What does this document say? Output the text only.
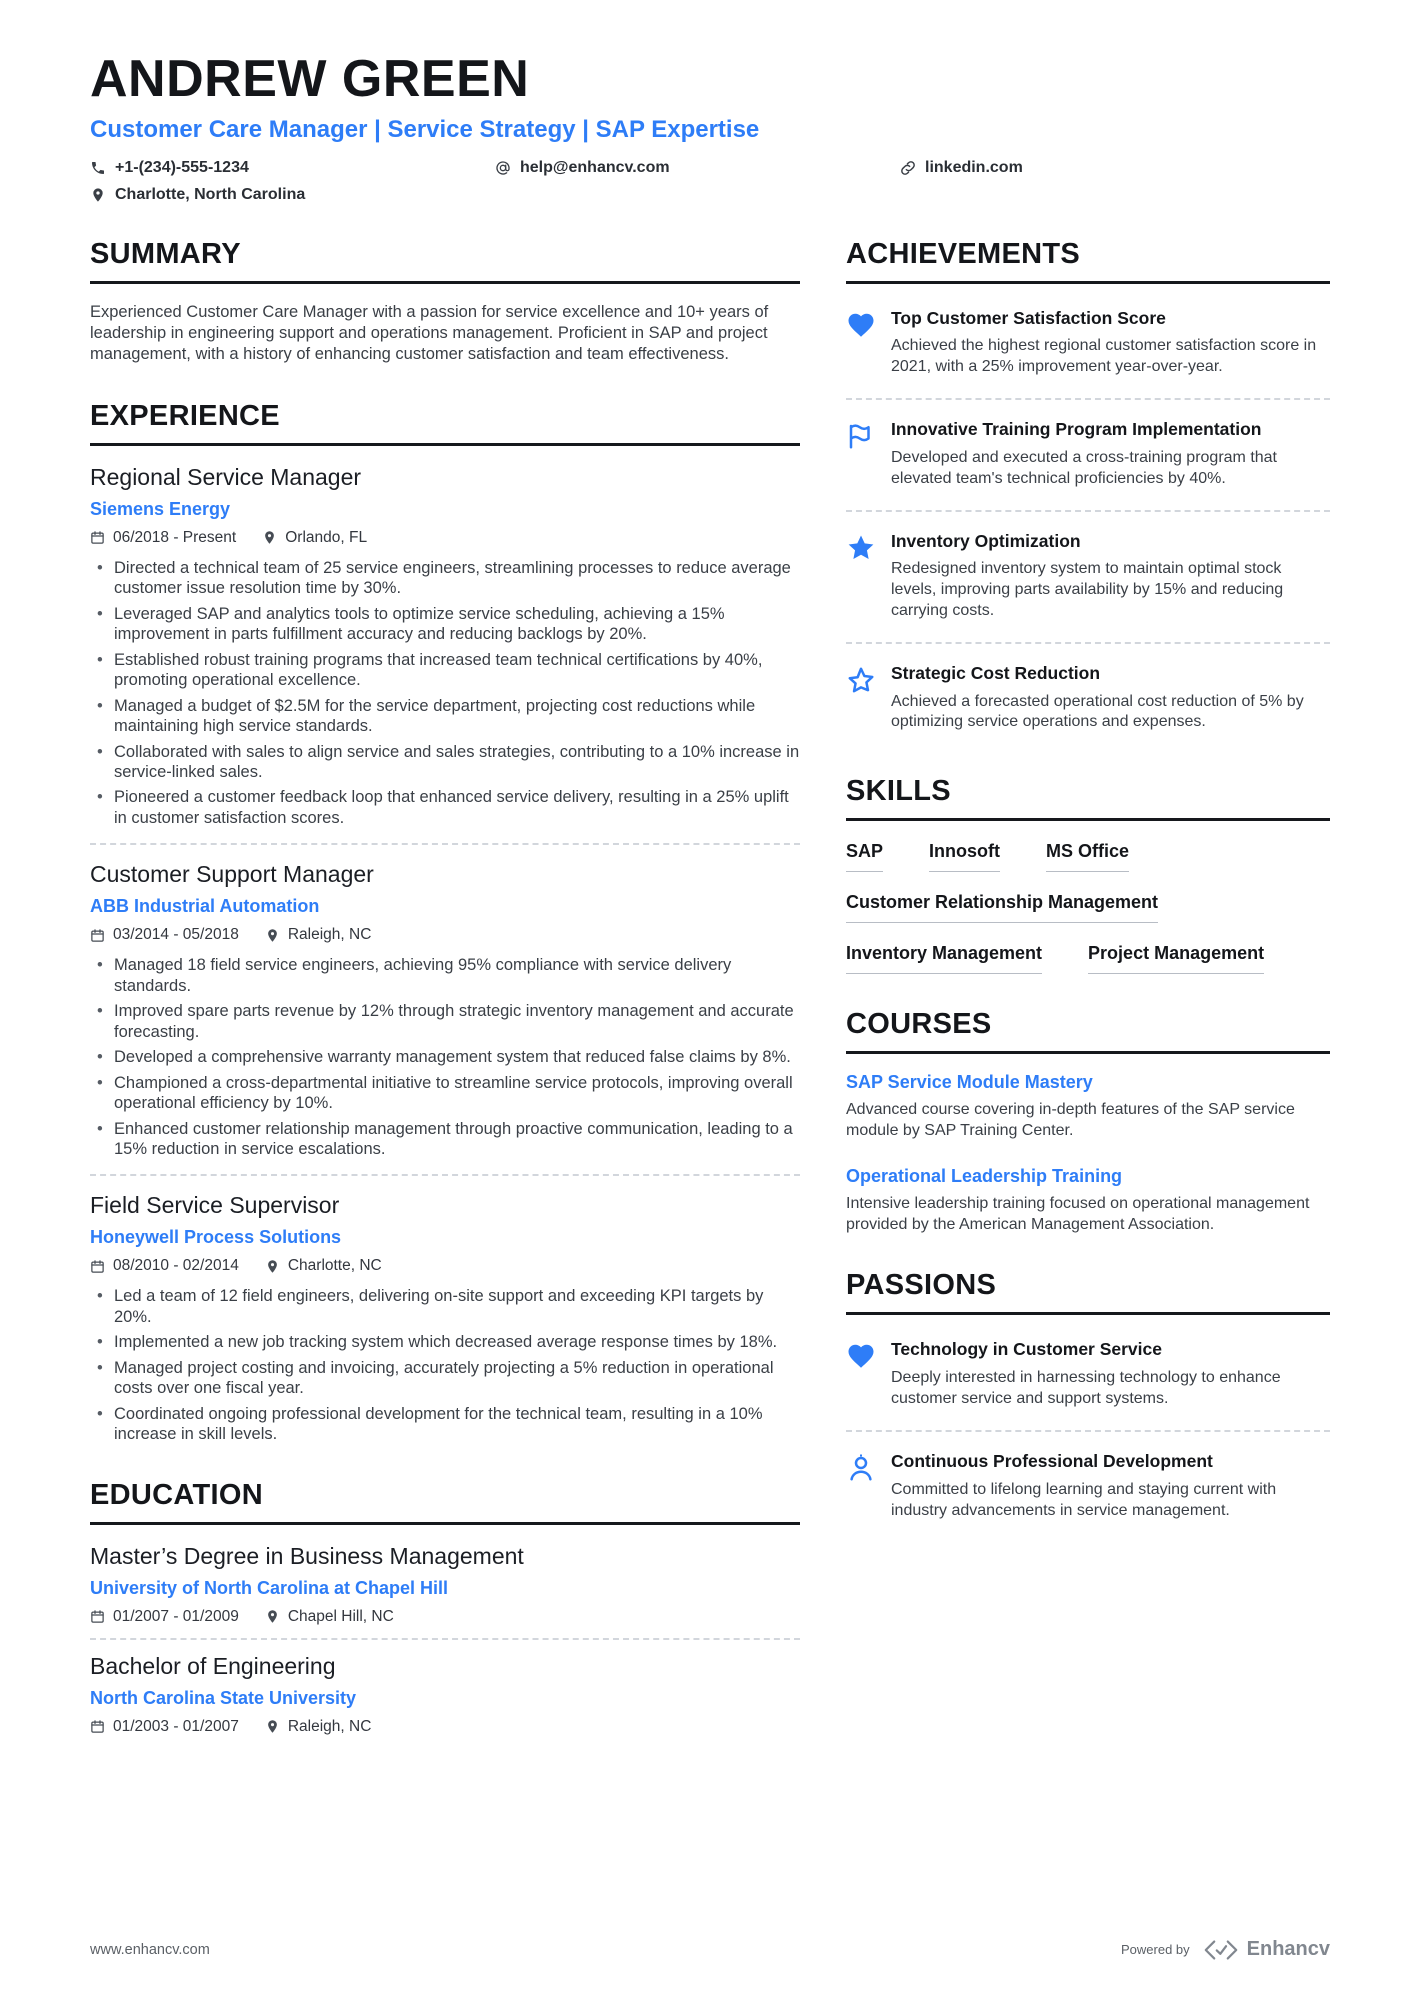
ANDREW GREEN
Customer Care Manager | Service Strategy | SAP Expertise
+1-(234)-555-1234	help@enhancv.com	linkedin.com
Charlotte, North Carolina
SUMMARY

Experienced Customer Care Manager with a passion for service excellence and 10+ years of leadership in engineering support and operations management. Proficient in SAP and project management, with a history of enhancing customer satisfaction and team effectiveness.

EXPERIENCE
Regional Service Manager
Siemens Energy
06/2018 - Present	Orlando, FL
• Directed a technical team of 25 service engineers, streamlining processes to reduce average customer issue resolution time by 30%.
• Leveraged SAP and analytics tools to optimize service scheduling, achieving a 15% improvement in parts fulfillment accuracy and reducing backlogs by 20%.
• Established robust training programs that increased team technical certifications by 40%, promoting operational excellence.
• Managed a budget of $2.5M for the service department, projecting cost reductions while maintaining high service standards.
• Collaborated with sales to align service and sales strategies, contributing to a 10% increase in service-linked sales.
• Pioneered a customer feedback loop that enhanced service delivery, resulting in a 25% uplift in customer satisfaction scores.
Customer Support Manager
ABB Industrial Automation
03/2014 - 05/2018	Raleigh, NC
• Managed 18 field service engineers, achieving 95% compliance with service delivery standards.
• Improved spare parts revenue by 12% through strategic inventory management and accurate forecasting.
• Developed a comprehensive warranty management system that reduced false claims by 8%.
• Championed a cross-departmental initiative to streamline service protocols, improving overall operational efficiency by 10%.
• Enhanced customer relationship management through proactive communication, leading to a 15% reduction in service escalations.
Field Service Supervisor
Honeywell Process Solutions
08/2010 - 02/2014	Charlotte, NC
• Led a team of 12 field engineers, delivering on-site support and exceeding KPI targets by 20%.
• Implemented a new job tracking system which decreased average response times by 18%.
• Managed project costing and invoicing, accurately projecting a 5% reduction in operational costs over one fiscal year.
• Coordinated ongoing professional development for the technical team, resulting in a 10% increase in skill levels.
EDUCATION
Master’s Degree in Business Management
University of North Carolina at Chapel Hill
01/2007 - 01/2009	Chapel Hill, NC
Bachelor of Engineering
North Carolina State University
01/2003 - 01/2007	Raleigh, NC
ACHIEVEMENTS
Top Customer Satisfaction Score
Achieved the highest regional customer satisfaction score in 2021, with a 25% improvement year-over-year.
Innovative Training Program Implementation
Developed and executed a cross-training program that elevated team's technical proficiencies by 40%.
Inventory Optimization
Redesigned inventory system to maintain optimal stock levels, improving parts availability by 15% and reducing carrying costs.
Strategic Cost Reduction
Achieved a forecasted operational cost reduction of 5% by optimizing service operations and expenses.
SKILLS
SAP	Innosoft	MS Office
Customer Relationship Management
Inventory Management	Project Management
COURSES
SAP Service Module Mastery
Advanced course covering in-depth features of the SAP service module by SAP Training Center.
Operational Leadership Training
Intensive leadership training focused on operational management provided by the American Management Association.
PASSIONS
Technology in Customer Service
Deeply interested in harnessing technology to enhance customer service and support systems.
Continuous Professional Development
Committed to lifelong learning and staying current with industry advancements in service management.
www.enhancv.com	Powered by	Enhancv
